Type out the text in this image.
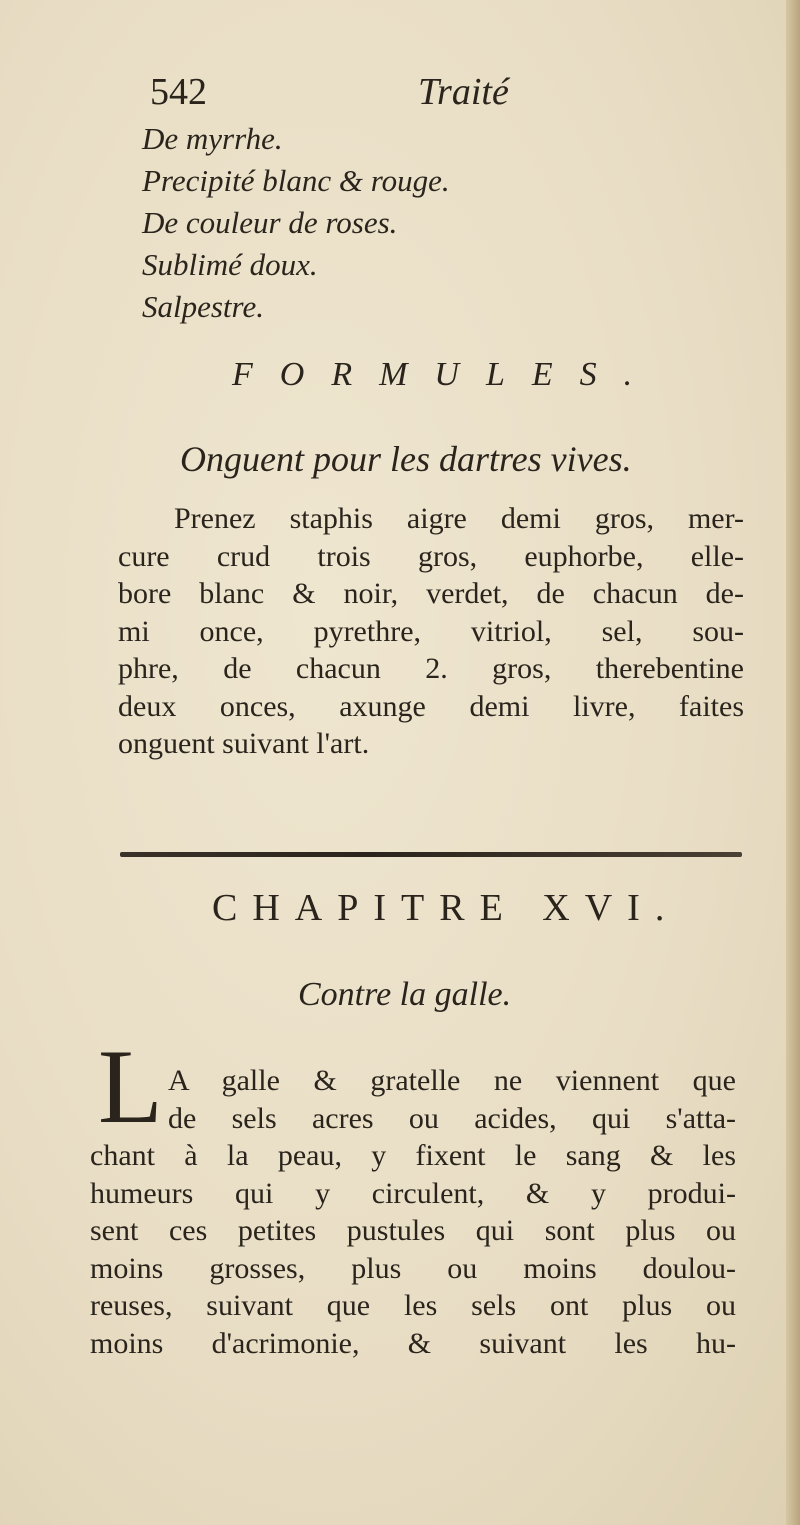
542	Traité
De myrrhe.
Precipité blanc & rouge.
De couleur de roses.
Sublimé doux.
Salpestre.
FORMULES.
Onguent pour les dartres vives.
Prenez staphis aigre demi gros, mer-
cure crud trois gros, euphorbe, elle-
bore blanc & noir, verdet, de chacun de-
mi once, pyrethre, vitriol, sel, sou-
phre, de chacun 2. gros, therebentine
deux onces, axunge demi livre, faites
onguent suivant l'art.
CHAPITRE XVI.
Contre la galle.
L A galle & gratelle ne viennent que
de sels acres ou acides, qui s'atta-
chant à la peau, y fixent le sang & les
humeurs qui y circulent, & y produi-
sent ces petites pustules qui sont plus ou
moins grosses, plus ou moins doulou-
reuses, suivant que les sels ont plus ou
moins d'acrimonie, & suivant les hu-
